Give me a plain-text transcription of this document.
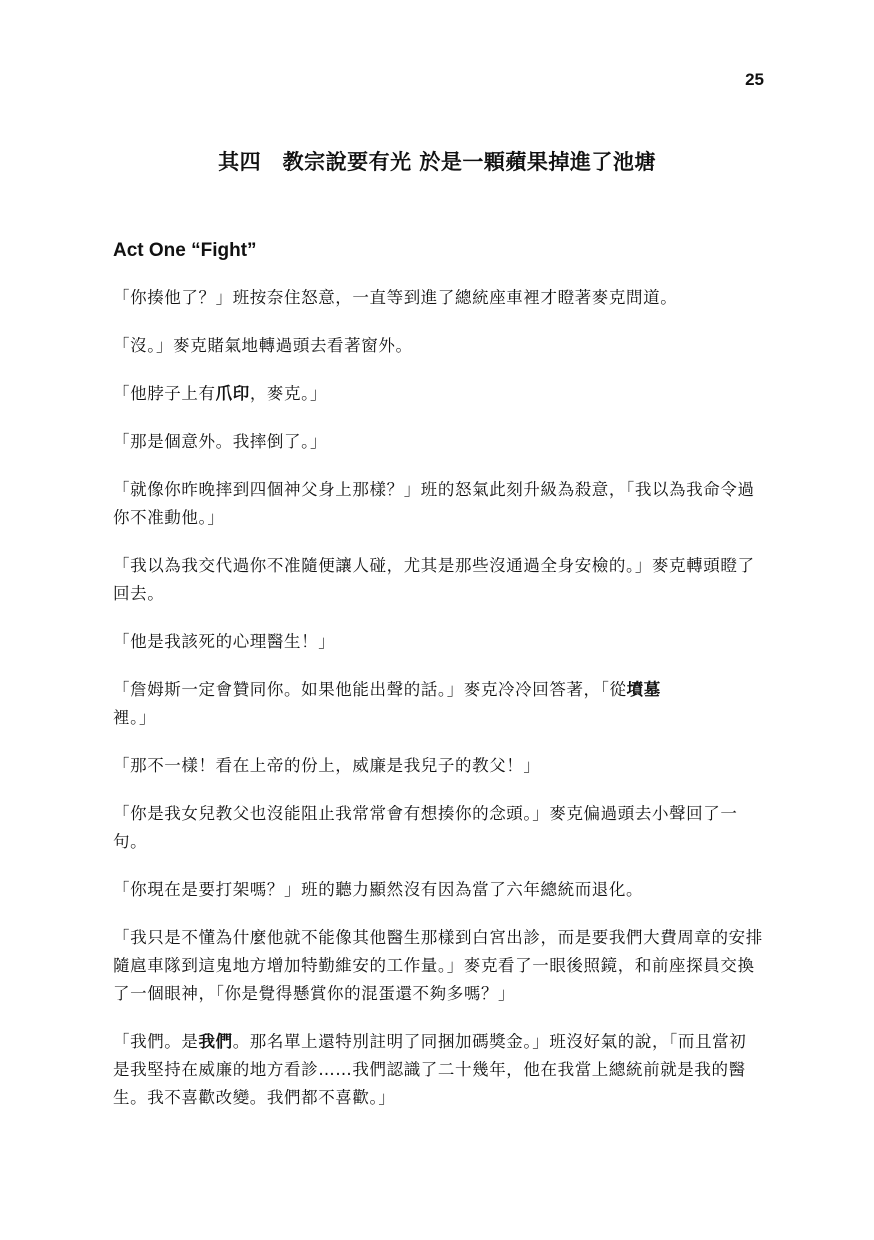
25
其四　教宗說要有光 於是一顆蘋果掉進了池塘
Act One “Fight”

「你揍他了？」班按奈住怒意，一直等到進了總統座車裡才瞪著麥克問道。

「沒。」麥克賭氣地轉過頭去看著窗外。

「他脖子上有爪印，麥克。」

「那是個意外。我摔倒了。」

「就像你昨晚摔到四個神父身上那樣？」班的怒氣此刻升級為殺意，「我以為我命令過你不准動他。」

「我以為我交代過你不准隨便讓人碰，尤其是那些沒通過全身安檢的。」麥克轉頭瞪了回去。

「他是我該死的心理醫生！」

「詹姆斯一定會贊同你。如果他能出聲的話。」麥克冷冷回答著，「從墳墓
裡。」

「那不一樣！看在上帝的份上，威廉是我兒子的教父！」

「你是我女兒教父也沒能阻止我常常會有想揍你的念頭。」麥克偏過頭去小聲回了一句。

「你現在是要打架嗎？」班的聽力顯然沒有因為當了六年總統而退化。

「我只是不懂為什麼他就不能像其他醫生那樣到白宮出診，而是要我們大費周章的安排隨扈車隊到這鬼地方增加特勤維安的工作量。」麥克看了一眼後照鏡，和前座探員交換了一個眼神，「你是覺得懸賞你的混蛋還不夠多嗎？」

「我們。是我們。那名單上還特別註明了同捆加碼獎金。」班沒好氣的說，「而且當初是我堅持在威廉的地方看診……我們認識了二十幾年，他在我當上總統前就是我的醫生。我不喜歡改變。我們都不喜歡。」
